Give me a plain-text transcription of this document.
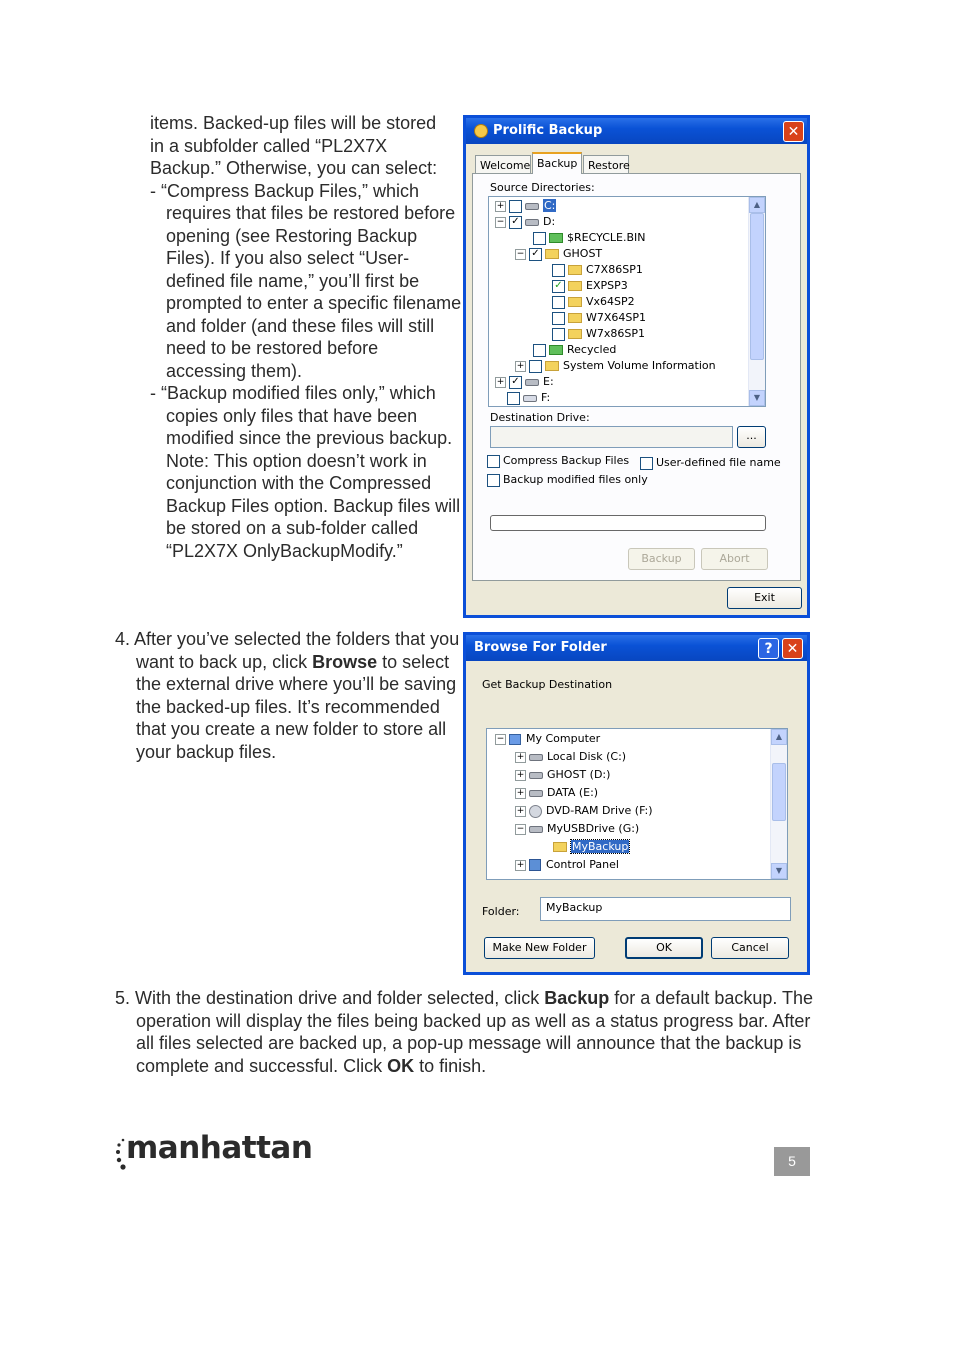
items. Backed-up files will be stored

in a subfolder called “PL2X7X

Backup.” Otherwise, you can select:

- “Compress Backup Files,” which requires that files be restored before opening (see Restoring Backup Files). If you also select “User-defined file name,” you’ll first be prompted to enter a specific filename and folder (and these files will still need to be restored before accessing them).

- “Backup modified files only,” which copies only files that have been modified since the previous backup. Note: This option doesn’t work in conjunction with the Compressed Backup Files option. Backup files will be stored on a sub-folder called “PL2X7X OnlyBackupModify.”

4. After you’ve selected the folders that you want to back up, click Browse to select the external drive where you’ll be saving the backed-up files. It’s recommended that you create a new folder to store all your backup files.
5. With the destination drive and folder selected, click Backup for a default backup. The operation will display the files being backed up as well as a status progress bar. After all files selected are backed up, a pop-up message will announce that the backup is complete and successful. Click OK to finish.
Prolific Backup	✕
Welcome Backup Restore
Source Directories:
+	C:
− ✓ D:
$RECYCLE.BIN
− ✓ GHOST
C7X86SP1
✓ EXPSP3
Vx64SP2
W7X64SP1
W7x86SP1
Recycled
+	System Volume Information
+ ✓ E:
F:
▲
▼
Destination Drive:
...
Compress Backup Files	User-defined file name
Backup modified files only
Backup	Abort
Exit
Browse For Folder	?	✕
Get Backup Destination
− My Computer
+ Local Disk (C:)
+ GHOST (D:)
+ DATA (E:)
+ DVD-RAM Drive (F:)
− MyUSBDrive (G:)
MyBackup
+ Control Panel
▲
▼
Folder:	MyBackup
Make New Folder	OK	Cancel
manhattan	5
